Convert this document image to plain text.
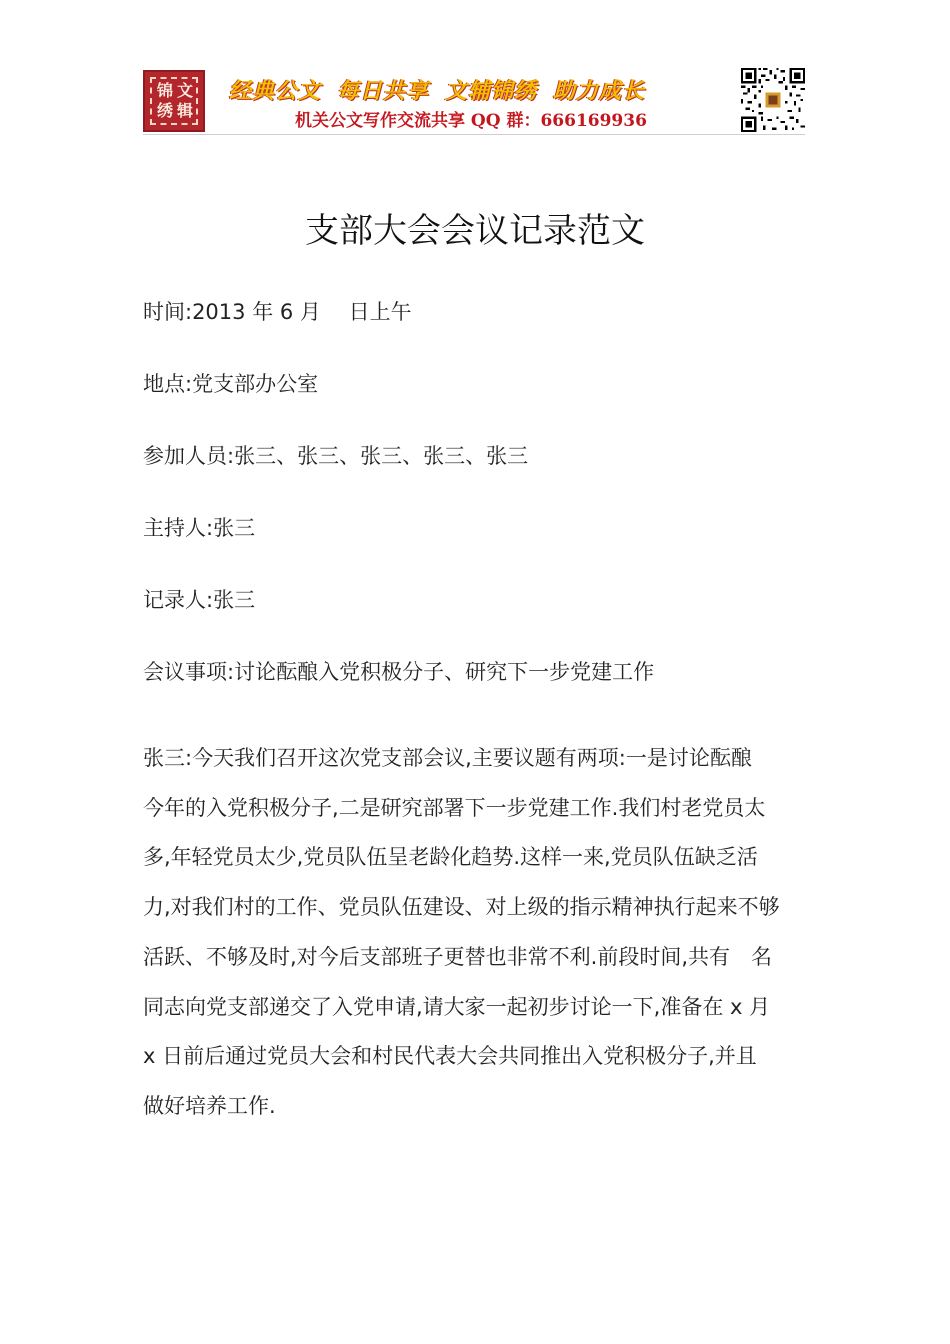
锦 文
绣 辑
经典公文 每日共享 文辅锦绣 助力成长
机关公文写作交流共享 QQ 群：666169936
支部大会会议记录范文
时间:2013 年 6 月　 日上午
地点:党支部办公室
参加人员:张三、张三、张三、张三、张三
主持人:张三
记录人:张三
会议事项:讨论酝酿入党积极分子、研究下一步党建工作
张三:今天我们召开这次党支部会议,主要议题有两项:一是讨论酝酿
今年的入党积极分子,二是研究部署下一步党建工作.我们村老党员太
多,年轻党员太少,党员队伍呈老龄化趋势.这样一来,党员队伍缺乏活
力,对我们村的工作、党员队伍建设、对上级的指示精神执行起来不够
活跃、不够及时,对今后支部班子更替也非常不利.前段时间,共有　名
同志向党支部递交了入党申请,请大家一起初步讨论一下,准备在 x 月
x 日前后通过党员大会和村民代表大会共同推出入党积极分子,并且
做好培养工作.
